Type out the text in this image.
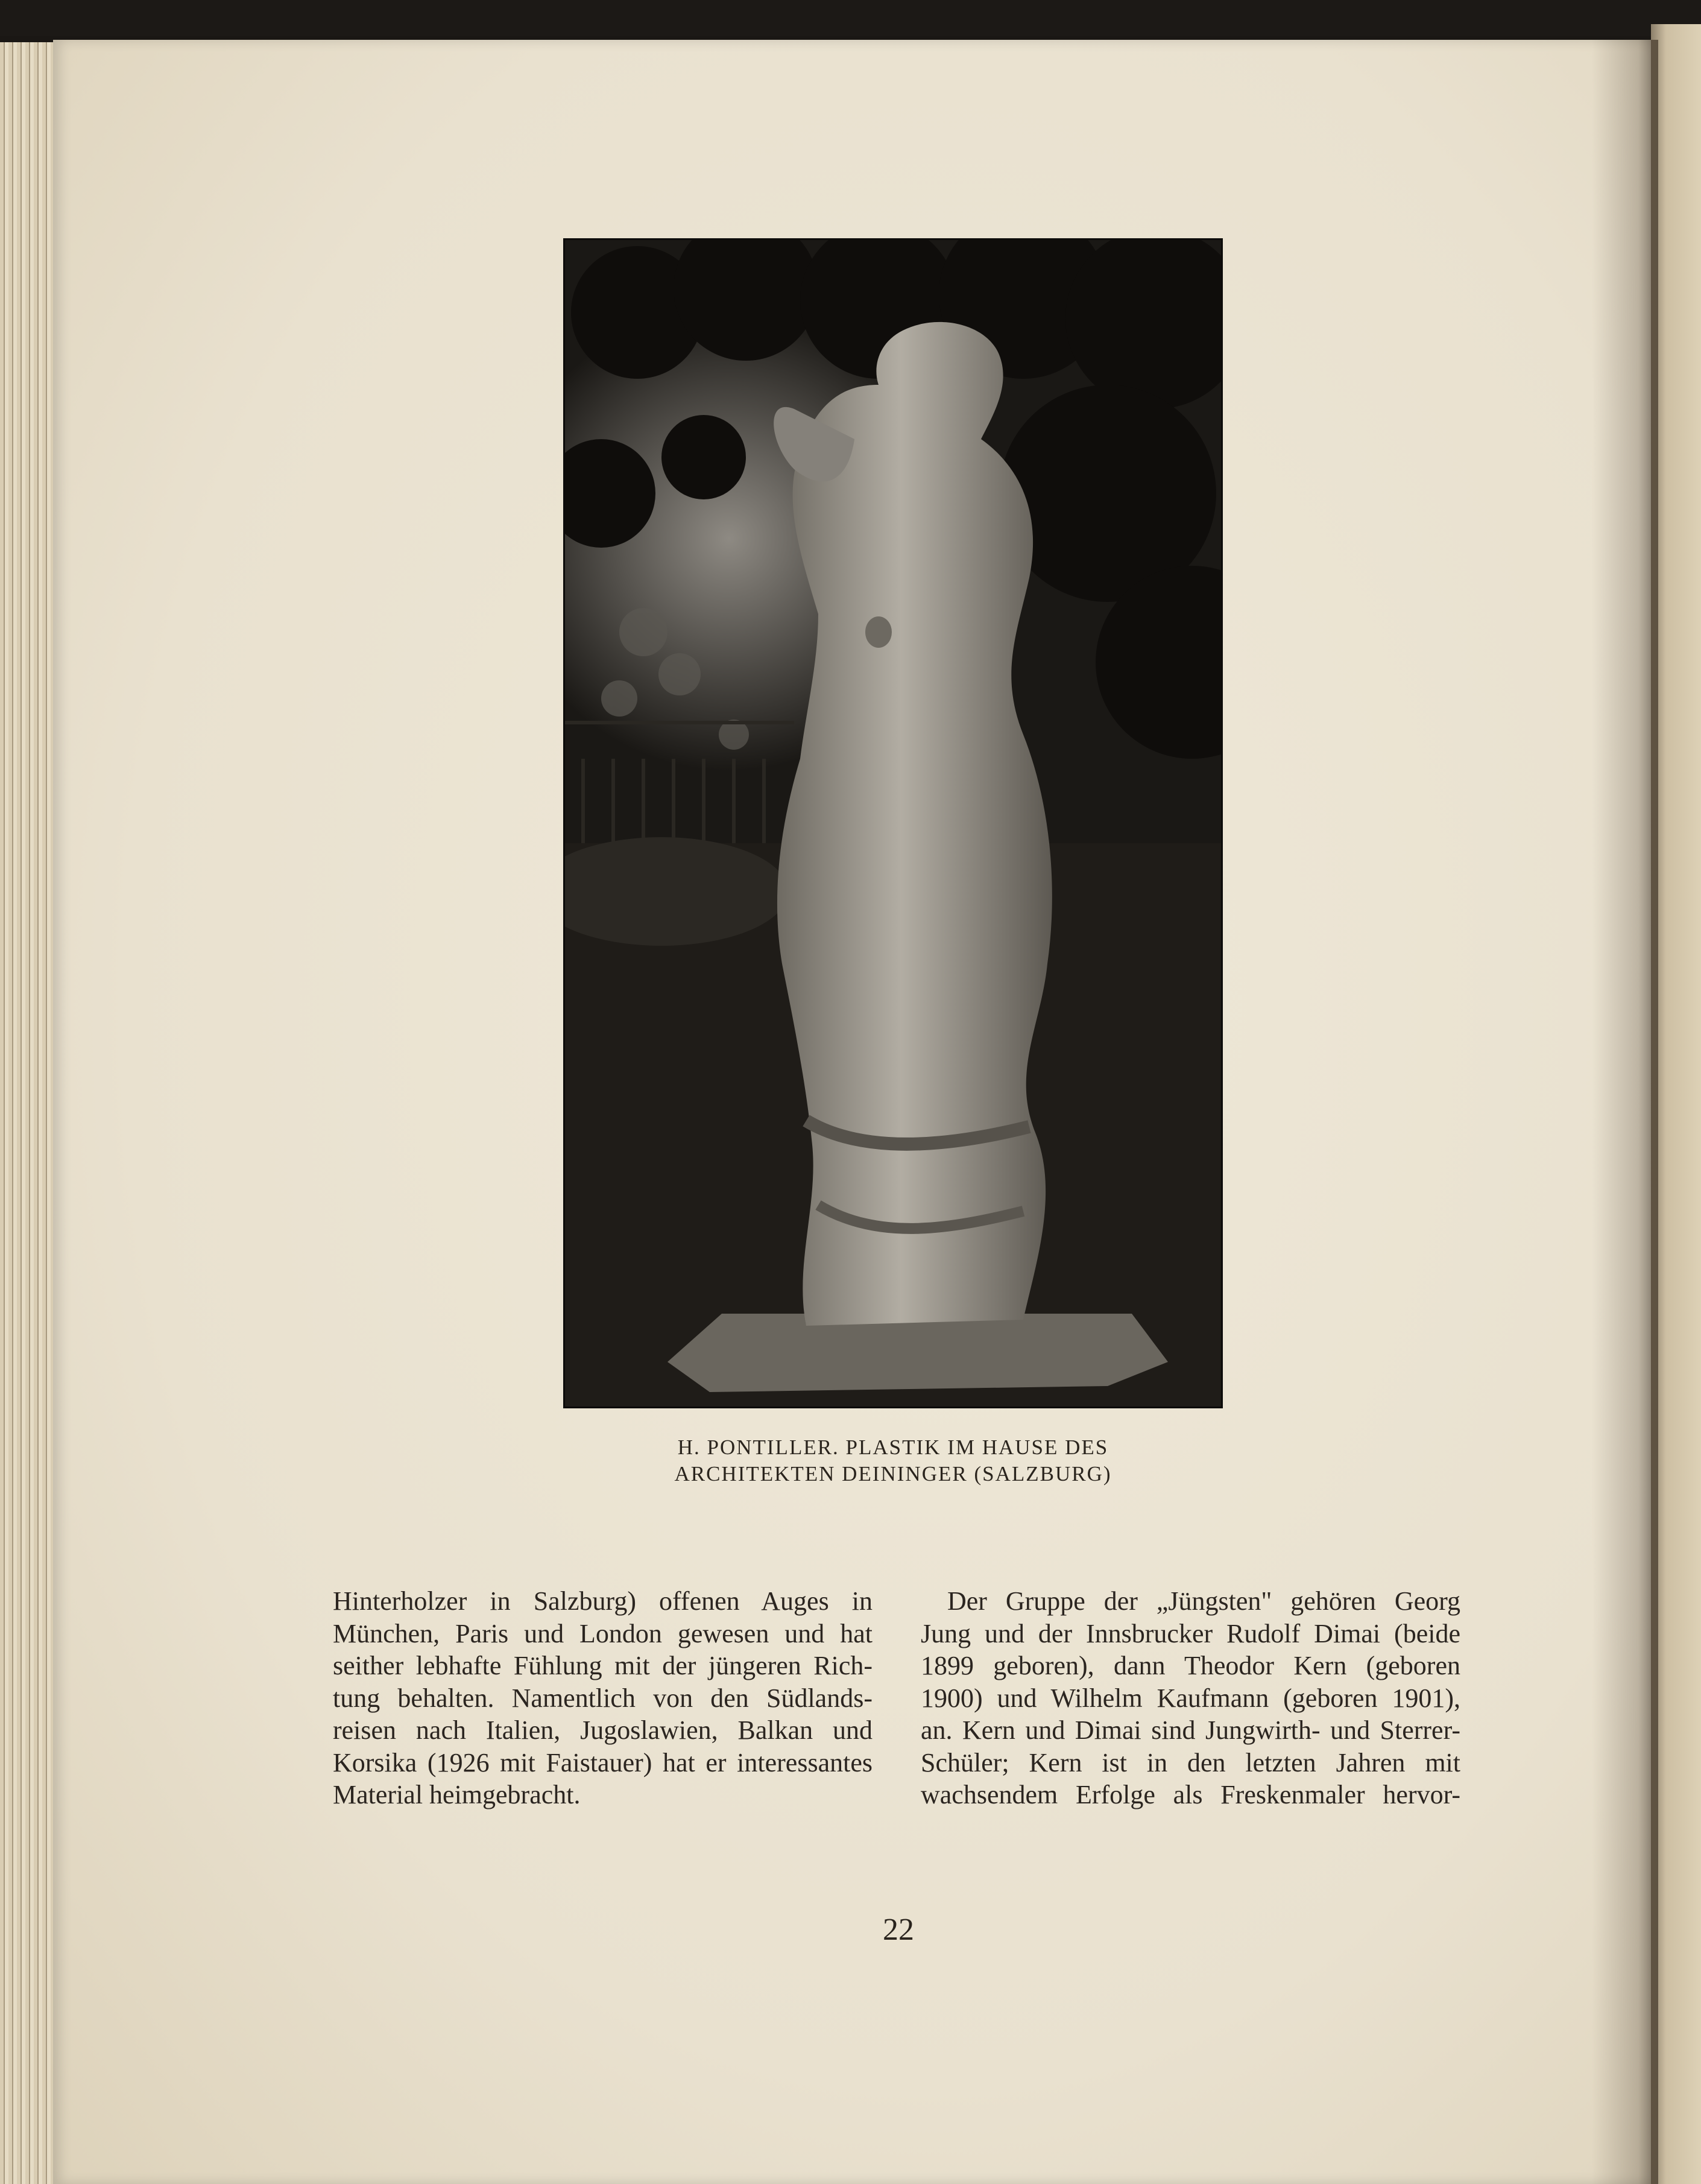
H. PONTILLER. PLASTIK IM HAUSE DES
ARCHITEKTEN DEININGER (SALZBURG)
Hinterholzer in Salzburg) offenen Auges in
München, Paris und London gewesen und hat
seither lebhafte Fühlung mit der jüngeren Rich-
tung behalten. Namentlich von den Südlands-
reisen nach Italien, Jugoslawien, Balkan und
Korsika (1926 mit Faistauer) hat er interessantes
Material heimgebracht.
Der Gruppe der „Jüngsten" gehören Georg
Jung und der Innsbrucker Rudolf Dimai (beide
1899 geboren), dann Theodor Kern (geboren
1900) und Wilhelm Kaufmann (geboren 1901),
an. Kern und Dimai sind Jungwirth- und Sterrer-
Schüler; Kern ist in den letzten Jahren mit
wachsendem Erfolge als Freskenmaler hervor-
22
